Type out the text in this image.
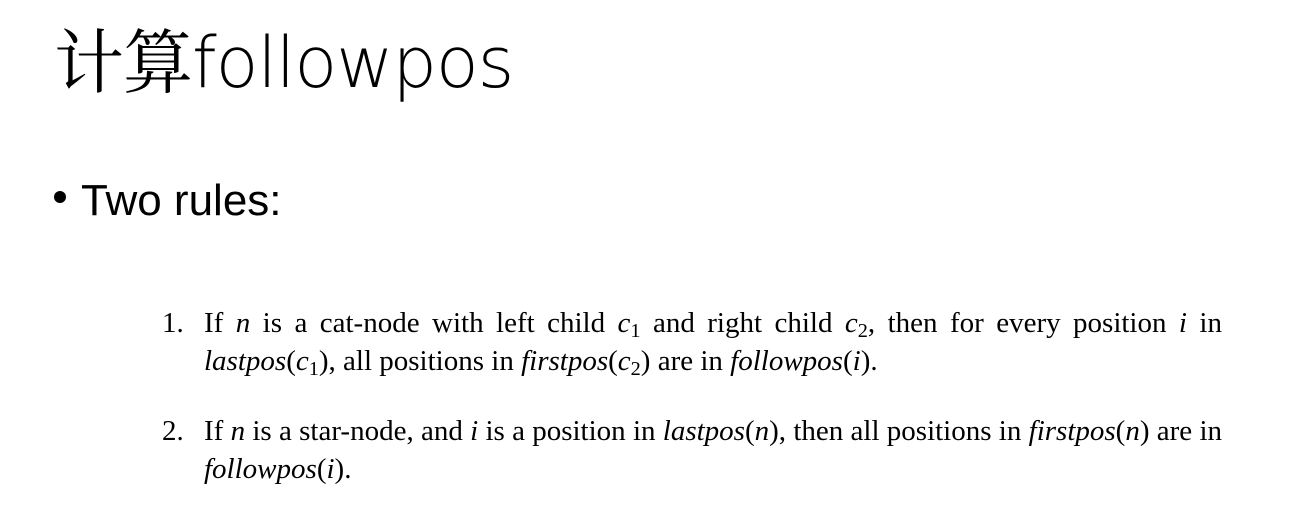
计算followpos
Two rules:
1. If n is a cat-node with left child $c_1$ and right child $c_2$, then for every position i in $lastpos(c_1)$, all positions in $firstpos(c_2)$ are in followpos(i).
2. If n is a star-node, and i is a position in lastpos(n), then all positions in firstpos(n) are in followpos(i).
